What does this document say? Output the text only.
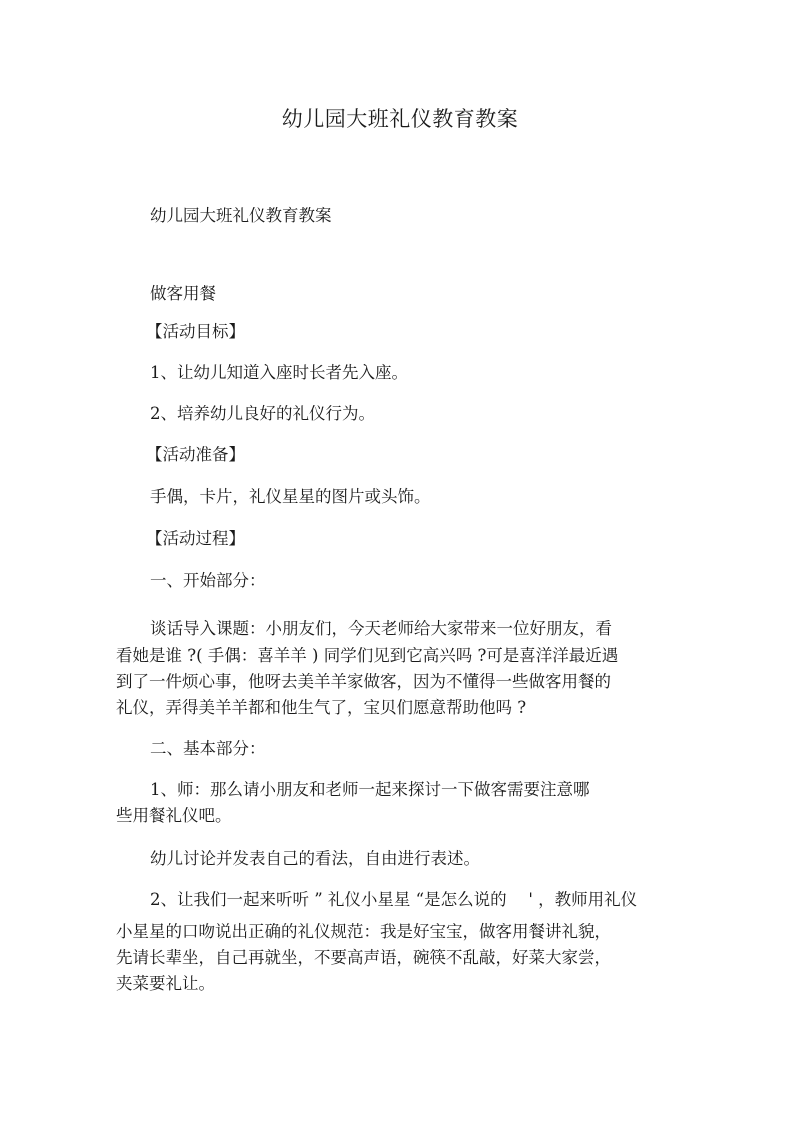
幼儿园大班礼仪教育教案
幼儿园大班礼仪教育教案
做客用餐
【活动目标】
1、让幼儿知道入座时长者先入座。
2、培养幼儿良好的礼仪行为。
【活动准备】
手偶，卡片，礼仪星星的图片或头饰。
【活动过程】
一、开始部分：
谈话导入课题：小朋友们，今天老师给大家带来一位好朋友，看
看她是谁 ?( 手偶：喜羊羊 ) 同学们见到它高兴吗 ?可是喜洋洋最近遇
到了一件烦心事，他呀去美羊羊家做客，因为不懂得一些做客用餐的
礼仪，弄得美羊羊都和他生气了，宝贝们愿意帮助他吗 ?
二、基本部分：
1、师：那么请小朋友和老师一起来探讨一下做客需要注意哪
些用餐礼仪吧。
幼儿讨论并发表自己的看法，自由进行表述。
2、让我们一起来听听 ” 礼仪小星星 “是怎么说的　 ' ，教师用礼仪
小星星的口吻说出正确的礼仪规范：我是好宝宝，做客用餐讲礼貌，
先请长辈坐，自己再就坐，不要高声语，碗筷不乱敲，好菜大家尝，
夹菜要礼让。
